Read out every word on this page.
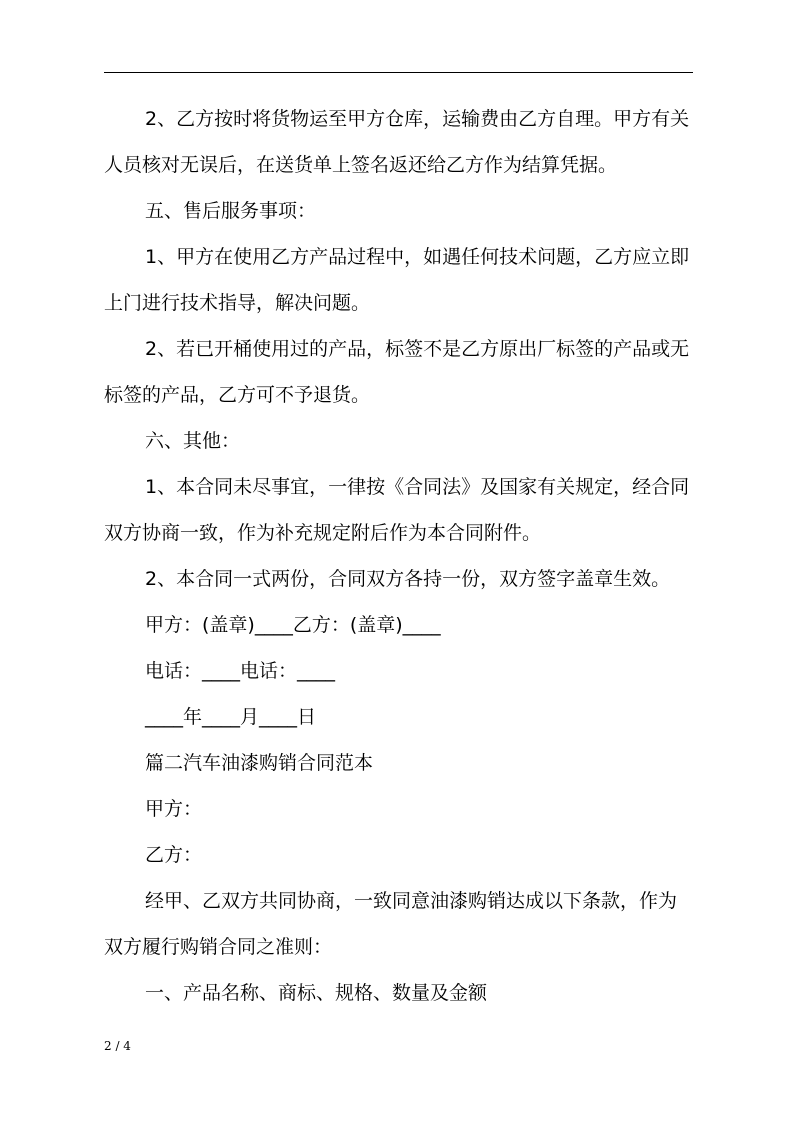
2、乙方按时将货物运至甲方仓库，运输费由乙方自理。甲方有关人员核对无误后，在送货单上签名返还给乙方作为结算凭据。

五、售后服务事项：

1、甲方在使用乙方产品过程中，如遇任何技术问题，乙方应立即上门进行技术指导，解决问题。

2、若已开桶使用过的产品，标签不是乙方原出厂标签的产品或无标签的产品，乙方可不予退货。

六、其他：

1、本合同未尽事宜，一律按《合同法》及国家有关规定，经合同双方协商一致，作为补充规定附后作为本合同附件。

2、本合同一式两份，合同双方各持一份，双方签字盖章生效。

甲方：(盖章)____乙方：(盖章)____

电话：____电话：____

____年____月____日

篇二汽车油漆购销合同范本

甲方：

乙方：

经甲、乙双方共同协商，一致同意油漆购销达成以下条款，作为双方履行购销合同之准则：

一、产品名称、商标、规格、数量及金额

2 / 4
